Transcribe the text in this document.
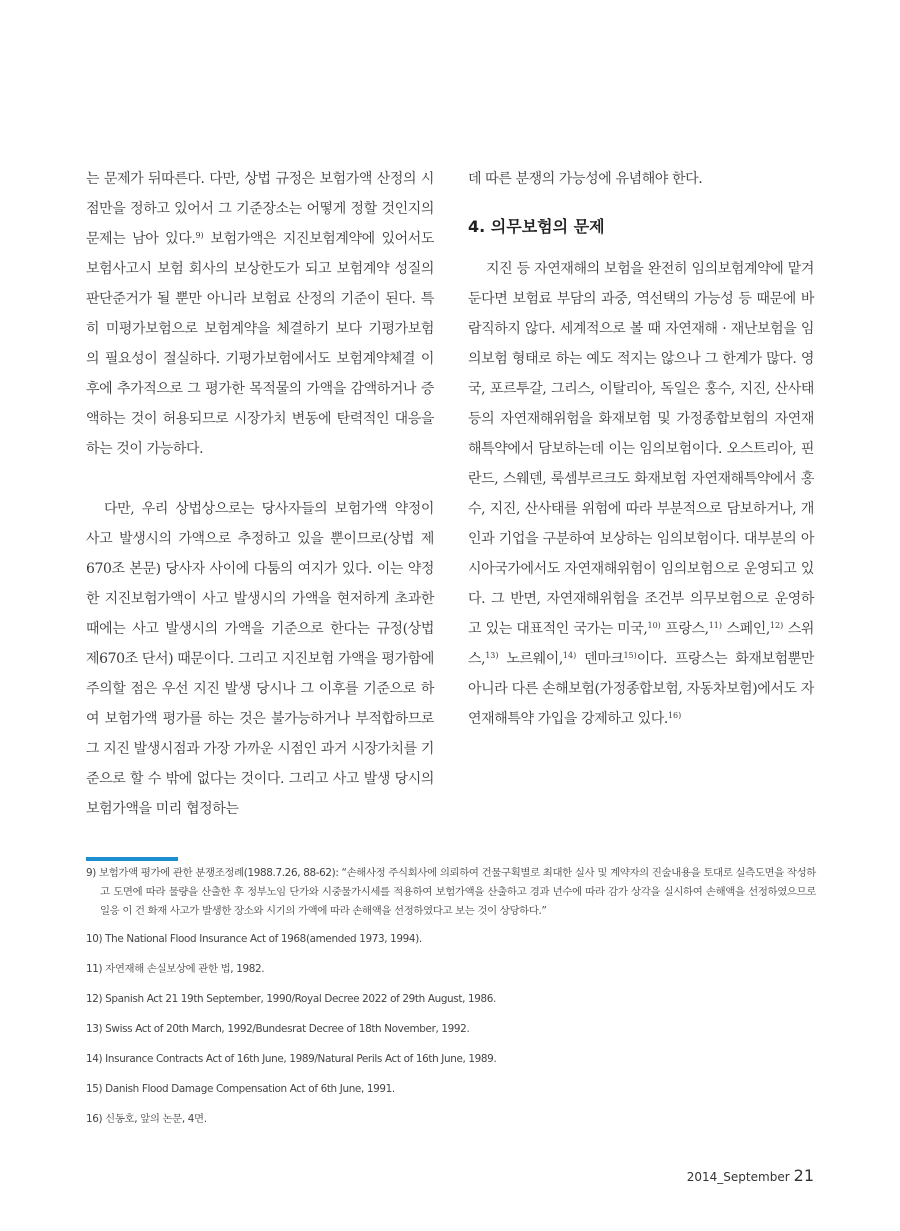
는 문제가 뒤따른다. 다만, 상법 규정은 보험가액 산정의 시점만을 정하고 있어서 그 기준장소는 어떻게 정할 것인지의 문제는 남아 있다.$^{9)}$ 보험가액은 지진보험계약에 있어서도 보험사고시 보험 회사의 보상한도가 되고 보험계약 성질의 판단준거가 될 뿐만 아니라 보험료 산정의 기준이 된다. 특히 미평가보험으로 보험계약을 체결하기 보다 기평가보험의 필요성이 절실하다. 기평가보험에서도 보험계약체결 이후에 추가적으로 그 평가한 목적물의 가액을 감액하거나 증액하는 것이 허용되므로 시장가치 변동에 탄력적인 대응을 하는 것이 가능하다.

다만, 우리 상법상으로는 당사자들의 보험가액 약정이 사고 발생시의 가액으로 추정하고 있을 뿐이므로(상법 제 670조 본문) 당사자 사이에 다툼의 여지가 있다. 이는 약정한 지진보험가액이 사고 발생시의 가액을 현저하게 초과한 때에는 사고 발생시의 가액을 기준으로 한다는 규정(상법 제670조 단서) 때문이다. 그리고 지진보험 가액을 평가함에 주의할 점은 우선 지진 발생 당시나 그 이후를 기준으로 하여 보험가액 평가를 하는 것은 불가능하거나 부적합하므로 그 지진 발생시점과 가장 가까운 시점인 과거 시장가치를 기준으로 할 수 밖에 없다는 것이다. 그리고 사고 발생 당시의 보험가액을 미리 협정하는

데 따른 분쟁의 가능성에 유념해야 한다.

4. 의무보험의 문제

지진 등 자연재해의 보험을 완전히 임의보험계약에 맡겨둔다면 보험료 부담의 과중, 역선택의 가능성 등 때문에 바람직하지 않다. 세계적으로 볼 때 자연재해 · 재난보험을 임의보험 형태로 하는 예도 적지는 않으나 그 한계가 많다. 영국, 포르투갈, 그리스, 이탈리아, 독일은 홍수, 지진, 산사태 등의 자연재해위험을 화재보험 및 가정종합보험의 자연재해특약에서 담보하는데 이는 임의보험이다. 오스트리아, 핀란드, 스웨덴, 룩셈부르크도 화재보험 자연재해특약에서 홍수, 지진, 산사태를 위험에 따라 부분적으로 담보하거나, 개인과 기업을 구분하여 보상하는 임의보험이다. 대부분의 아시아국가에서도 자연재해위험이 임의보험으로 운영되고 있다. 그 반면, 자연재해위험을 조건부 의무보험으로 운영하고 있는 대표적인 국가는 미국,$^{10)}$ 프랑스,$^{11)}$ 스페인,$^{12)}$ 스위스,$^{13)}$ 노르웨이,$^{14)}$ 덴마크$^{15)}$이다. 프랑스는 화재보험뿐만 아니라 다른 손해보험(가정종합보험, 자동차보험)에서도 자연재해특약 가입을 강제하고 있다.$^{16)}$

9) 보험가액 평가에 관한 분쟁조정례(1988.7.26, 88-62): “손해사정 주식회사에 의뢰하여 건물구획별로 최대한 실사 및 계약자의 진술내용을 토대로 실측도면을 작성하고 도면에 따라 물량을 산출한 후 정부노임 단가와 시중물가시세를 적용하여 보험가액을 산출하고 경과 년수에 따라 감가 상각을 실시하여 손해액을 선정하였으므로 일응 이 건 화재 사고가 발생한 장소와 시기의 가액에 따라 손해액을 선정하였다고 보는 것이 상당하다.”

10) The National Flood Insurance Act of 1968(amended 1973, 1994).

11) 자연재해 손실보상에 관한 법, 1982.

12) Spanish Act 21 19th September, 1990/Royal Decree 2022 of 29th August, 1986.

13) Swiss Act of 20th March, 1992/Bundesrat Decree of 18th November, 1992.

14) Insurance Contracts Act of 16th June, 1989/Natural Perils Act of 16th June, 1989.

15) Danish Flood Damage Compensation Act of 6th June, 1991.

16) 신동호, 앞의 논문, 4면.

2014_September 21
